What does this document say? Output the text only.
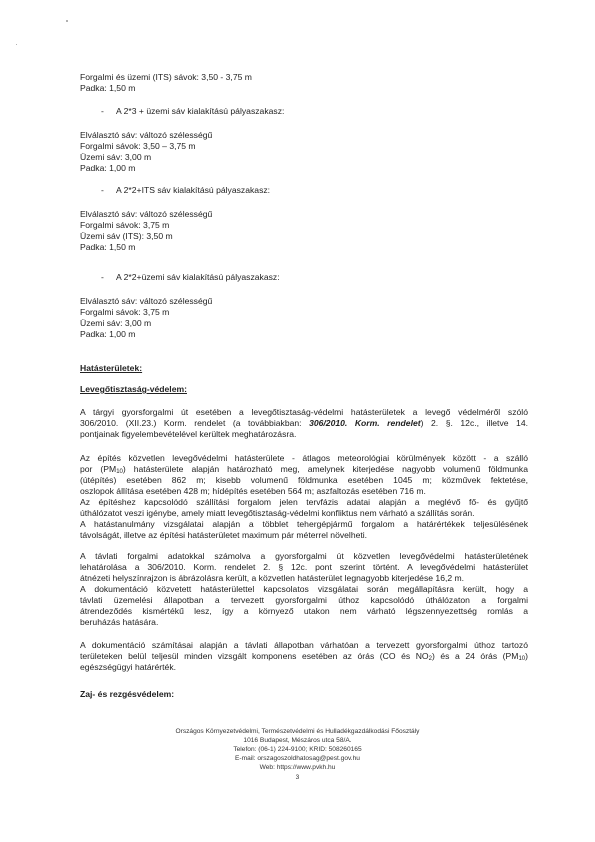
Forgalmi és üzemi (ITS) sávok: 3,50 - 3,75 m
Padka: 1,50 m
- A 2*3 + üzemi sáv kialakítású pályaszakasz:
Elválasztó sáv: változó szélességű
Forgalmi sávok: 3,50 – 3,75 m
Üzemi sáv: 3,00 m
Padka: 1,00 m
- A 2*2+ITS sáv kialakítású pályaszakasz:
Elválasztó sáv: változó szélességű
Forgalmi sávok: 3,75 m
Üzemi sáv (ITS): 3,50 m
Padka: 1,50 m
- A 2*2+üzemi sáv kialakítású pályaszakasz:
Elválasztó sáv: változó szélességű
Forgalmi sávok: 3,75 m
Üzemi sáv: 3,00 m
Padka: 1,00 m
Hatásterületek:
Levegőtisztaság-védelem:
A tárgyi gyorsforgalmi út esetében a levegőtisztaság-védelmi hatásterületek a levegő védelméről szóló
306/2010. (XII.23.) Korm. rendelet (a továbbiakban: 306/2010. Korm. rendelet) 2. §. 12c., illetve 14.
pontjainak figyelembevételével kerültek meghatározásra.
Az építés közvetlen levegővédelmi hatásterülete - átlagos meteorológiai körülmények között - a szálló
por $(PM_{10})$ hatásterülete alapján határozható meg, amelynek kiterjedése nagyobb volumenű földmunka
(útépítés) esetében 862 m; kisebb volumenű földmunka esetében 1045 m; közművek fektetése,
oszlopok állítása esetében 428 m; hídépítés esetében 564 m; aszfaltozás esetében 716 m.
Az építéshez kapcsolódó szállítási forgalom jelen tervfázis adatai alapján a meglévő fő- és gyűjtő
úthálózatot veszi igénybe, amely miatt levegőtisztaság-védelmi konfliktus nem várható a szállítás során.
A hatástanulmány vizsgálatai alapján a többlet tehergépjármű forgalom a határértékek teljesülésének
távolságát, illetve az építési hatásterületet maximum pár méterrel növelheti.
A távlati forgalmi adatokkal számolva a gyorsforgalmi út közvetlen levegővédelmi hatásterületének
lehatárolása a 306/2010. Korm. rendelet 2. § 12c. pont szerint történt. A levegővédelmi hatásterület
átnézeti helyszínrajzon is ábrázolásra került, a közvetlen hatásterület legnagyobb kiterjedése 16,2 m.
A dokumentáció közvetett hatásterülettel kapcsolatos vizsgálatai során megállapításra került, hogy a
távlati üzemelési állapotban a tervezett gyorsforgalmi úthoz kapcsolódó úthálózaton a forgalmi
átrendeződés kismértékű lesz, így a környező utakon nem várható légszennyezettség romlás a
beruházás hatására.
A dokumentáció számításai alapján a távlati állapotban várhatóan a tervezett gyorsforgalmi úthoz tartozó
területeken belül teljesül minden vizsgált komponens esetében az órás (CO és $NO_2$) és a 24 órás $(PM_{10})$
egészségügyi határérték.
Zaj- és rezgésvédelem:
Országos Környezetvédelmi, Természetvédelmi és Hulladékgazdálkodási Főosztály
1016 Budapest, Mészáros utca 58/A.
Telefon: (06-1) 224-9100; KRID: 508260165
E-mail: orszagoszoldhatosag@pest.gov.hu
Web: https://www.pvkh.hu
3
